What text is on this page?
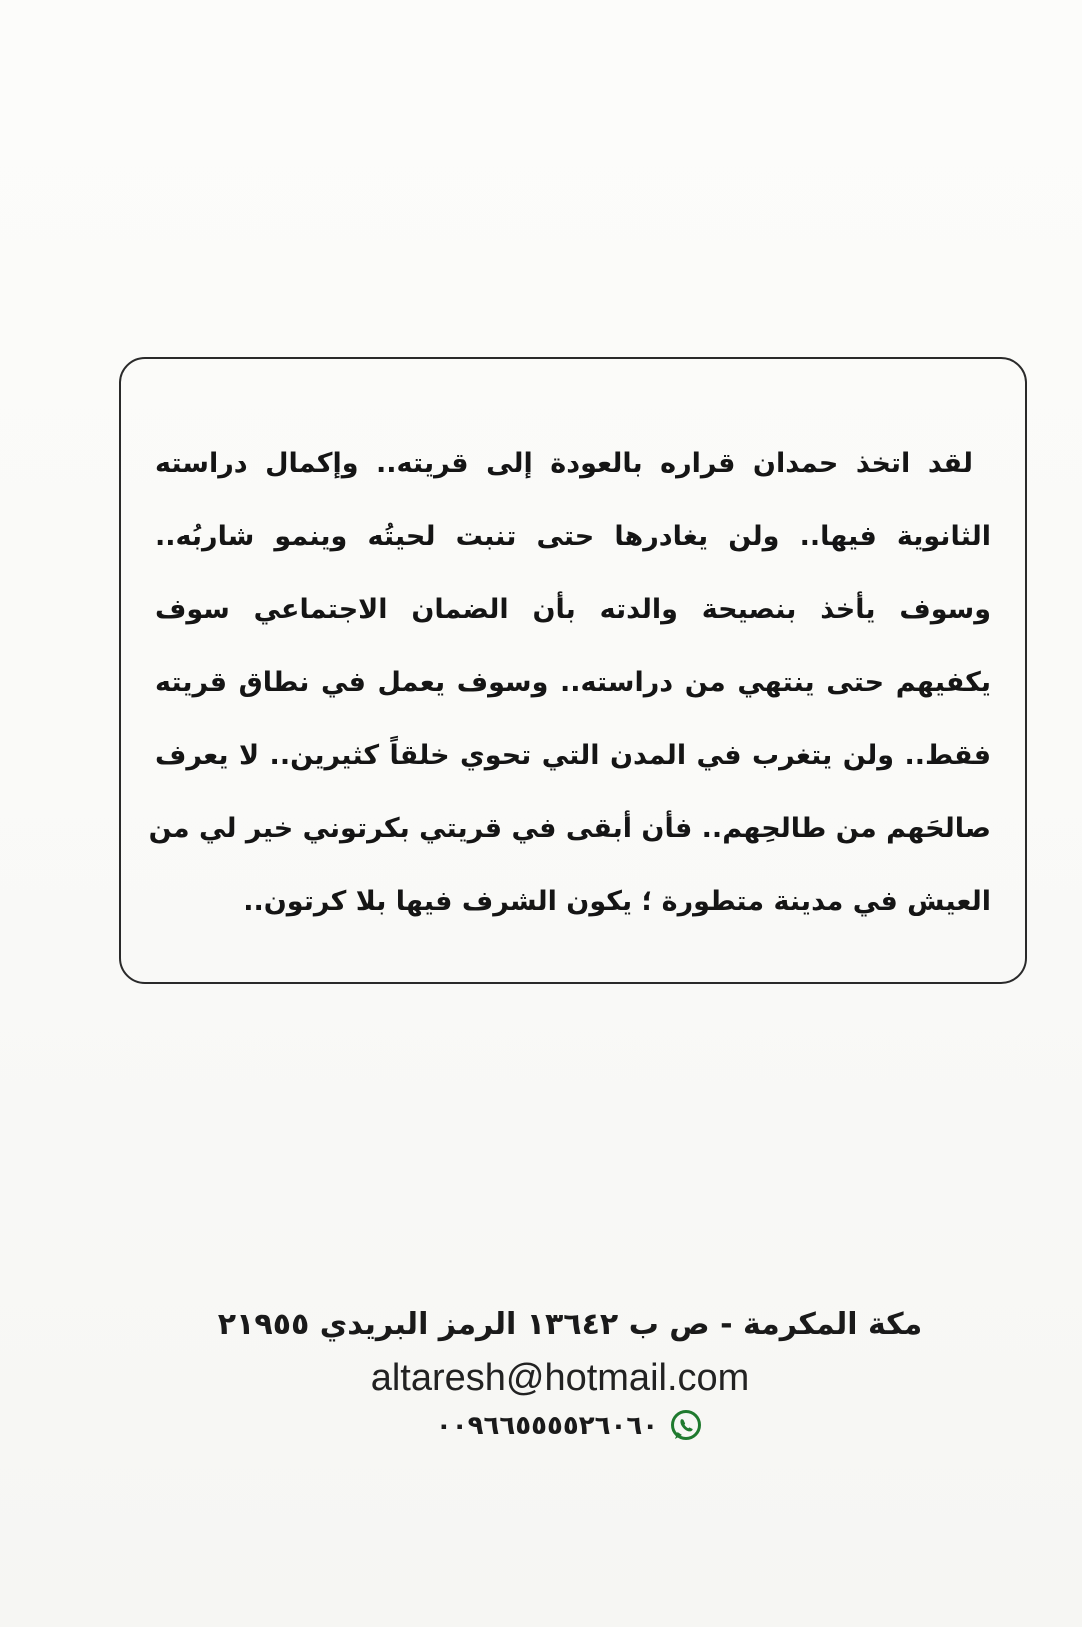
لقد اتخذ حمدان قراره بالعودة إلى قريته.. وإكمال دراسته
الثانوية فيها.. ولن يغادرها حتى تنبت لحيتُه وينمو شاربُه..
وسوف يأخذ بنصيحة والدته بأن الضمان الاجتماعي سوف
يكفيهم حتى ينتهي من دراسته.. وسوف يعمل في نطاق قريته
فقط.. ولن يتغرب في المدن التي تحوي خلقاً كثيرين.. لا يعرف
صالحَهم من طالحِهم.. فأن أبقى في قريتي بكرتوني خير لي من
العيش في مدينة متطورة ؛ يكون الشرف فيها بلا كرتون..
مكة المكرمة - ص ب ١٣٦٤٢ الرمز البريدي ٢١٩٥٥
altaresh@hotmail.com
٠٠٩٦٦٥٥٥٥٢٦٠٦٠
